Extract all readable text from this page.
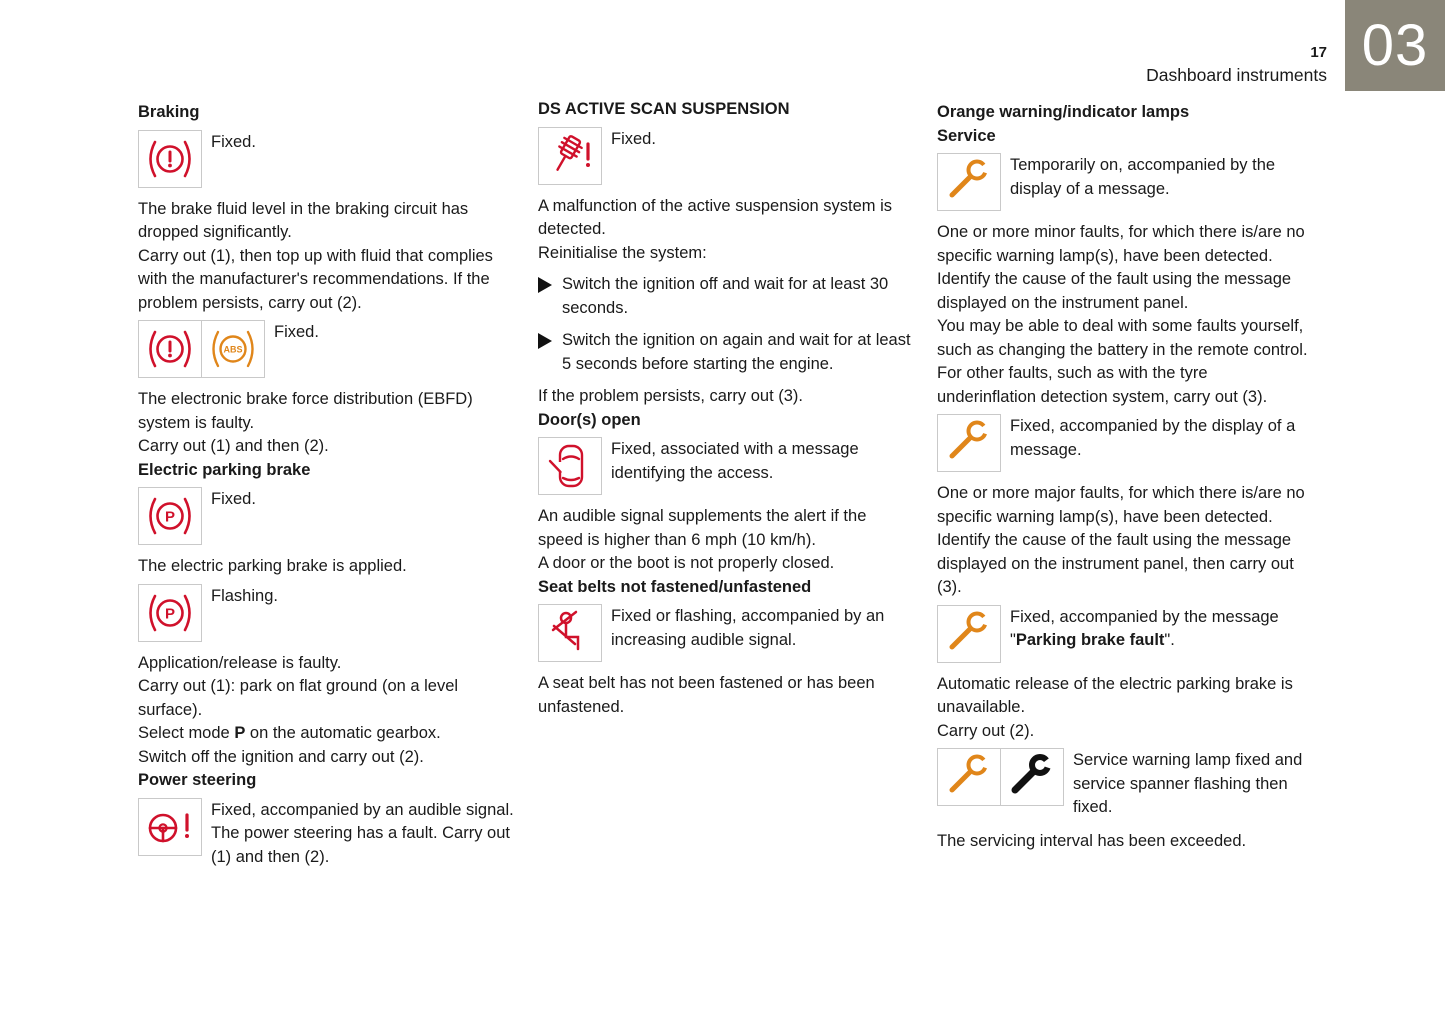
17
Dashboard instruments 03
Braking
Fixed.

The brake fluid level in the braking circuit has dropped significantly.

Carry out (1), then top up with fluid that complies with the manufacturer's recommendations. If the problem persists, carry out (2).

ABS
Fixed.

The electronic brake force distribution (EBFD) system is faulty.

Carry out (1) and then (2).

Electric parking brake
P
Fixed.

The electric parking brake is applied.

P
Flashing.

Application/release is faulty.

Carry out (1): park on flat ground (on a level surface).

Select mode P on the automatic gearbox.

Switch off the ignition and carry out (2).

Power steering
Fixed, accompanied by an audible signal. The power steering has a fault. Carry out (1) and then (2).
DS ACTIVE SCAN SUSPENSION
Fixed.

A malfunction of the active suspension system is detected.

Reinitialise the system:

Switch the ignition off and wait for at least 30 seconds.
Switch the ignition on again and wait for at least 5 seconds before starting the engine.

If the problem persists, carry out (3).

Door(s) open
Fixed, associated with a message identifying the access.

An audible signal supplements the alert if the speed is higher than 6 mph (10 km/h).

A door or the boot is not properly closed.

Seat belts not fastened/unfastened
Fixed or flashing, accompanied by an increasing audible signal.

A seat belt has not been fastened or has been unfastened.

Orange warning/indicator lamps
Service
Temporarily on, accompanied by the display of a message.

One or more minor faults, for which there is/are no specific warning lamp(s), have been detected. Identify the cause of the fault using the message displayed on the instrument panel.

You may be able to deal with some faults yourself, such as changing the battery in the remote control.

For other faults, such as with the tyre underinflation detection system, carry out (3).

Fixed, accompanied by the display of a message.

One or more major faults, for which there is/are no specific warning lamp(s), have been detected. Identify the cause of the fault using the message displayed on the instrument panel, then carry out (3).

Fixed, accompanied by the message "Parking brake fault".

Automatic release of the electric parking brake is unavailable.

Carry out (2).

Service warning lamp fixed and service spanner flashing then fixed.

The servicing interval has been exceeded.
